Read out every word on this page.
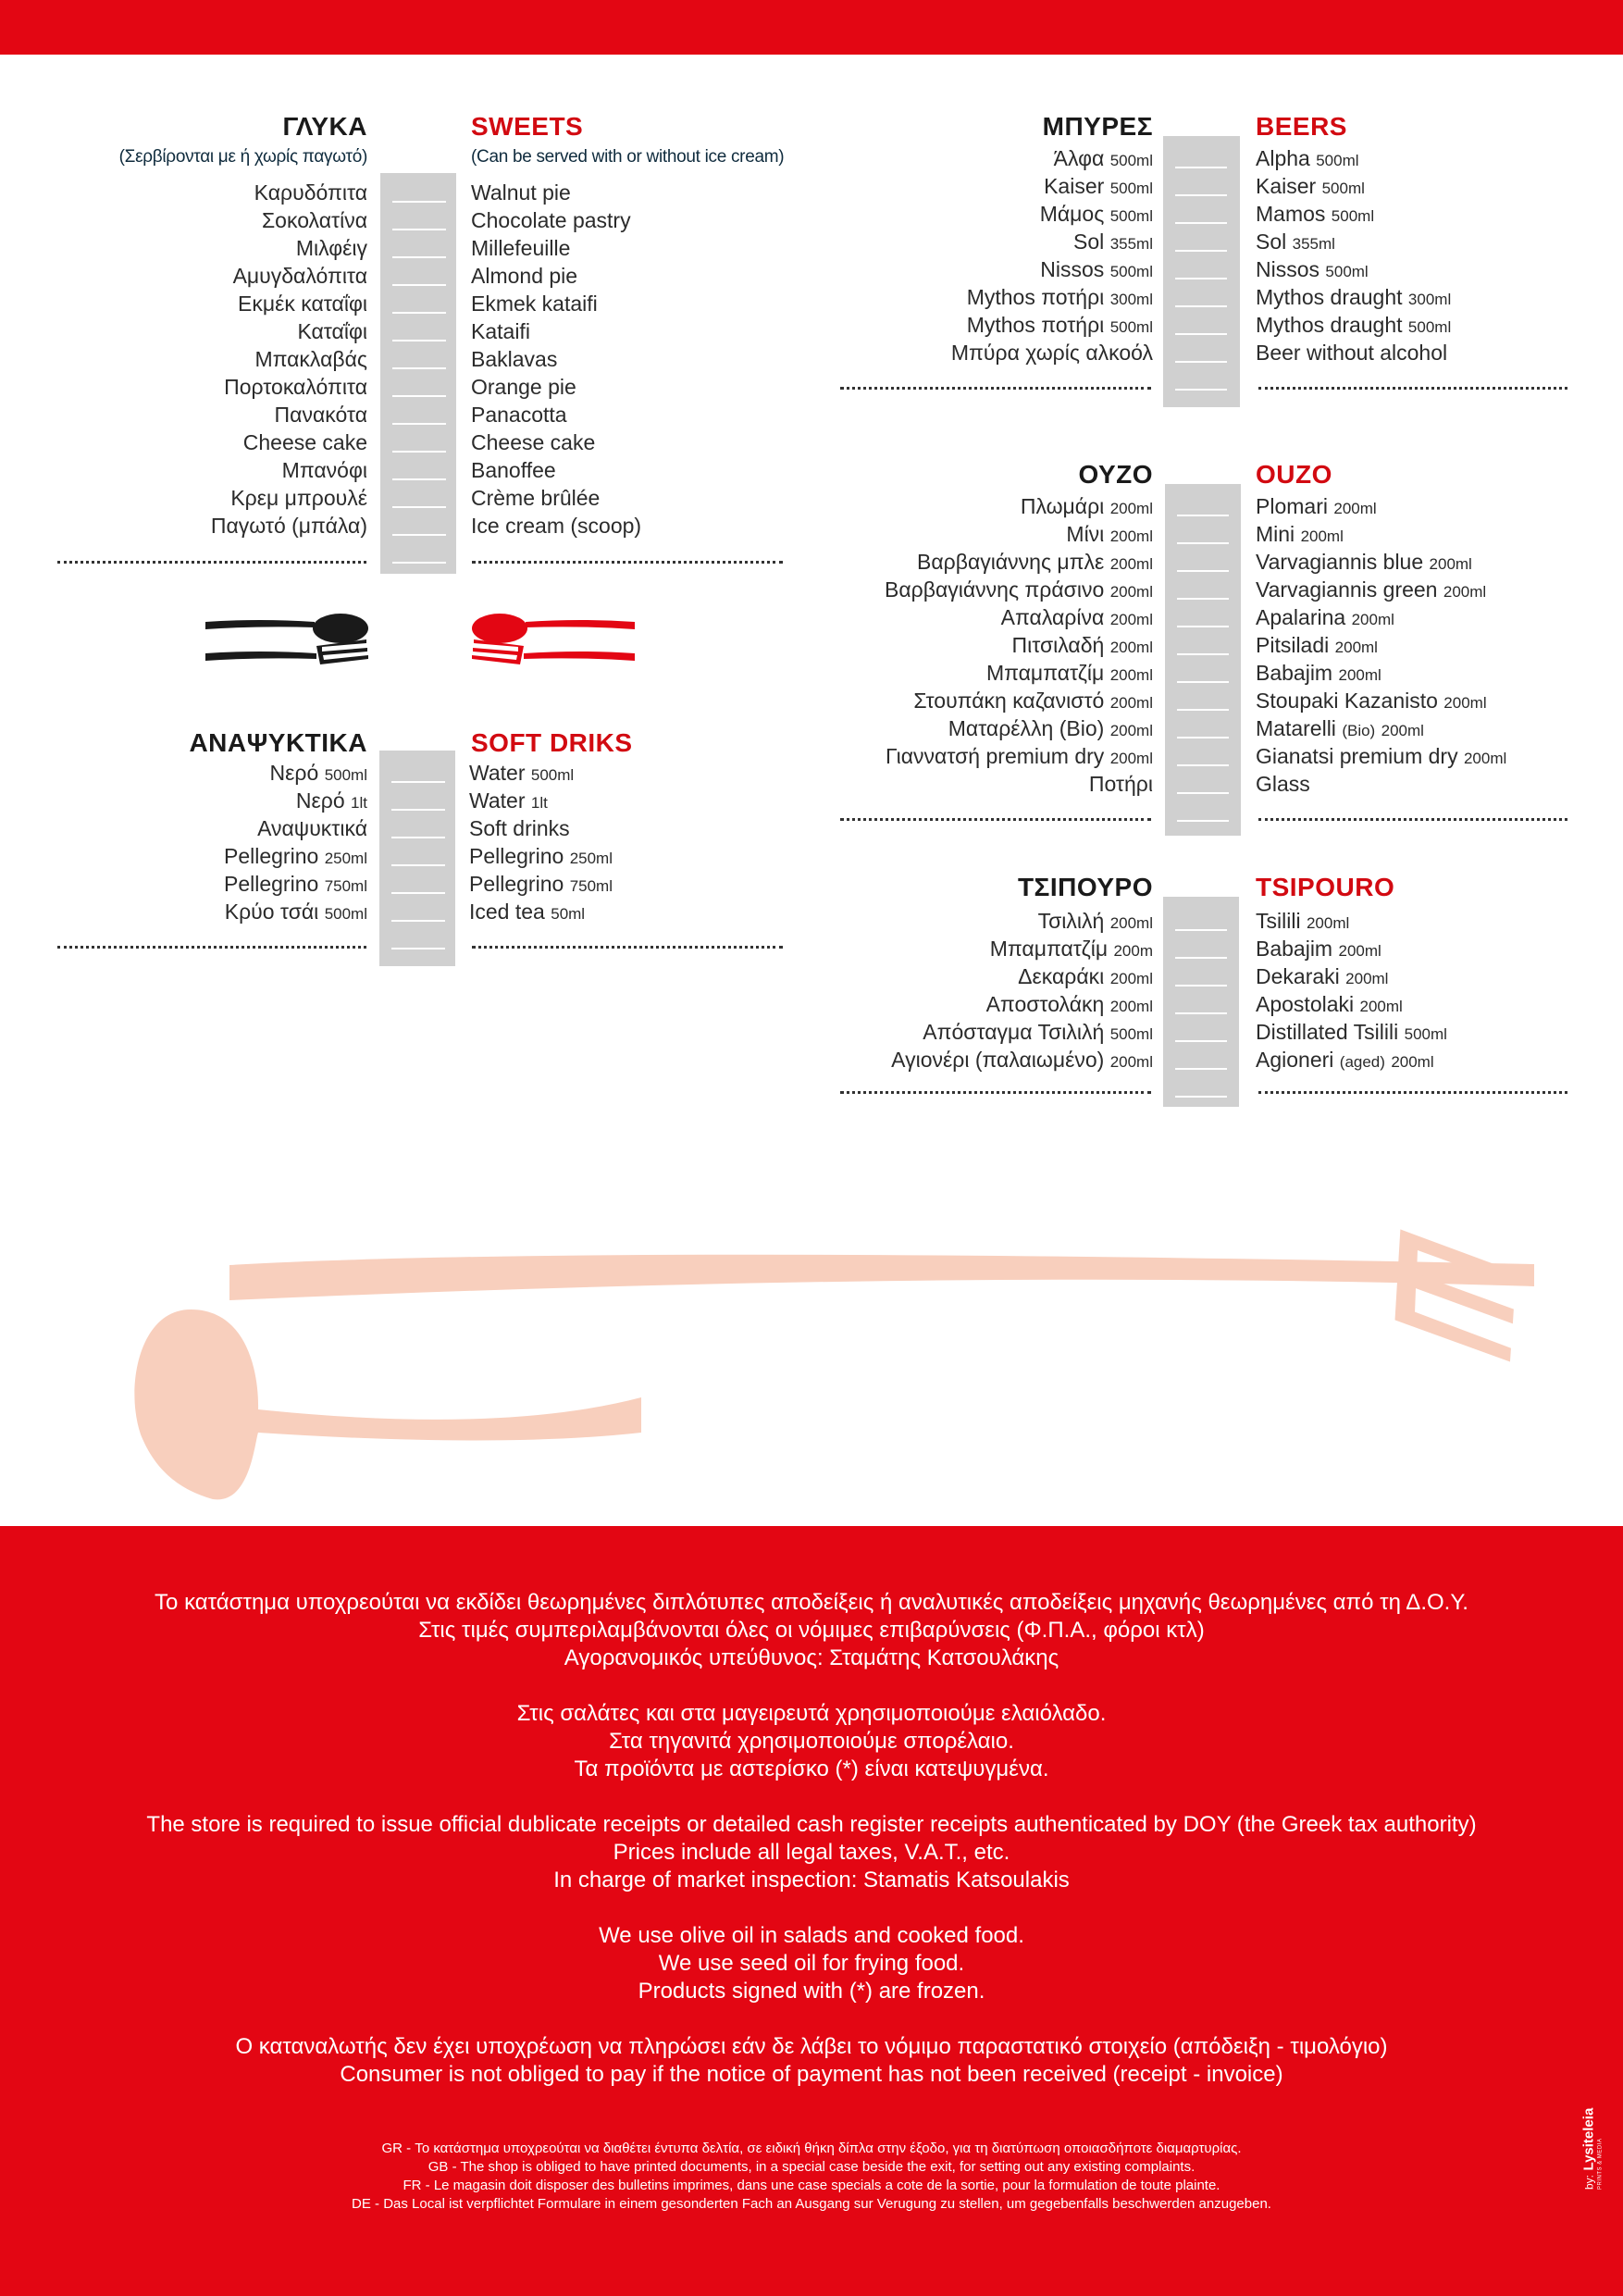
ΓΛΥΚΑ	SWEETS
(Σερβίρονται με ή χωρίς παγωτό)	(Can be served with or without ice cream)
Καρυδόπιτα	Walnut pie
Σοκολατίνα	Chocolate pastry
Μιλφέιγ	Millefeuille
Αμυγδαλόπιτα	Almond pie
Εκμέκ καταΐφι	Ekmek kataifi
Καταΐφι	Kataifi
Μπακλαβάς	Baklavas
Πορτοκαλόπιτα	Orange pie
Πανακότα	Panacotta
Cheese cake	Cheese cake
Μπανόφι	Banoffee
Κρεμ μπρουλέ	Crème brûlée
Παγωτό (μπάλα)	Ice cream (scoop)
ΑΝΑΨΥΚΤΙΚΑ	SOFT DRIKS
Νερό 500ml	Water 500ml
Νερό 1lt	Water 1lt
Αναψυκτικά	Soft drinks
Pellegrino 250ml	Pellegrino 250ml
Pellegrino 750ml	Pellegrino 750ml
Κρύο τσάι 500ml	Iced tea 50ml
ΜΠΥΡΕΣ	BEERS
Άλφα 500ml	Alpha 500ml
Kaiser 500ml	Kaiser 500ml
Μάμος 500ml	Mamos 500ml
Sol 355ml	Sol 355ml
Nissos 500ml	Nissos 500ml
Mythos ποτήρι 300ml	Mythos draught 300ml
Mythos ποτήρι 500ml	Mythos draught 500ml
Μπύρα χωρίς αλκοόλ	Beer without alcohol
ΟΥΖΟ	OUZO
Πλωμάρι 200ml	Plomari 200ml
Μίνι 200ml	Mini 200ml
Βαρβαγιάννης μπλε 200ml	Varvagiannis blue 200ml
Βαρβαγιάννης πράσινο 200ml	Varvagiannis green 200ml
Απαλαρίνα 200ml	Apalarina 200ml
Πιτσιλαδή 200ml	Pitsiladi 200ml
Μπαμπατζίμ 200ml	Babajim 200ml
Στουπάκη καζανιστό 200ml	Stoupaki Kazanisto 200ml
Ματαρέλλη (Bio) 200ml	Matarelli (Bio) 200ml
Γιαννατσή premium dry 200ml	Gianatsi premium dry 200ml
Ποτήρι	Glass
ΤΣΙΠΟΥΡΟ	TSIPOURO
Τσιλιλή 200ml	Tsilili 200ml
Μπαμπατζίμ 200m	Babajim 200ml
Δεκαράκι 200ml	Dekaraki 200ml
Αποστολάκη 200ml	Apostolaki 200ml
Απόσταγμα Τσιλιλή 500ml	Distillated Tsilili 500ml
Αγιονέρι (παλαιωμένο) 200ml	Agioneri (aged) 200ml
Το κατάστημα υποχρεούται να εκδίδει θεωρημένες διπλότυπες αποδείξεις ή αναλυτικές αποδείξεις μηχανής θεωρημένες από τη Δ.Ο.Υ.
Στις τιμές συμπεριλαμβάνονται όλες οι νόμιμες επιβαρύνσεις (Φ.Π.Α., φόροι κτλ)
Αγορανομικός υπεύθυνος: Σταμάτης Κατσουλάκης
Στις σαλάτες και στα μαγειρευτά χρησιμοποιούμε ελαιόλαδο.
Στα τηγανιτά χρησιμοποιούμε σπορέλαιο.
Τα προϊόντα με αστερίσκο (*) είναι κατεψυγμένα.
The store is required to issue official dublicate receipts or detailed cash register receipts authenticated by DOY (the Greek tax authority)
Prices include all legal taxes, V.A.T., etc.
In charge of market inspection: Stamatis Katsoulakis
We use olive oil in salads and cooked food.
We use seed oil for frying food.
Products signed with (*) are frozen.
Ο καταναλωτής δεν έχει υποχρέωση να πληρώσει εάν δε λάβει το νόμιμο παραστατικό στοιχείο (απόδειξη - τιμολόγιο)
Consumer is not obliged to pay if the notice of payment has not been received (receipt - invoice)
GR - Το κατάστημα υποχρεούται να διαθέτει έντυπα δελτία, σε ειδική θήκη δίπλα στην έξοδο, για τη διατύπωση οποιασδήποτε διαμαρτυρίας.
GB - The shop is obliged to have printed documents, in a special case beside the exit, for setting out any existing complaints.
FR - Le magasin doit disposer des bulletins imprimes, dans une case specials a cote de la sortie, pour la formulation de toute plainte.
DE - Das Local ist verpflichtet Formulare in einem gesonderten Fach an Ausgang sur Verugung zu stellen, um gegebenfalls beschwerden anzugeben.
by: Lysiteleia PRINTS & MEDIA
